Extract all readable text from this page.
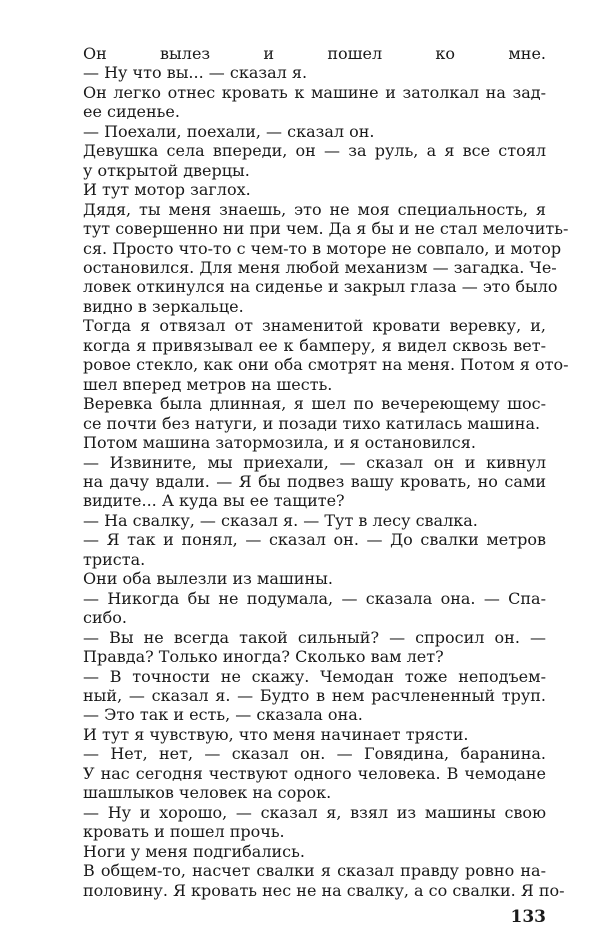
Он вылез и пошел ко мне.
— Ну что вы... — сказал я.
Он легко отнес кровать к машине и затолкал на зад-
ее сиденье.
— Поехали, поехали, — сказал он.
Девушка села впереди, он — за руль, а я все стоял
у открытой дверцы.
И тут мотор заглох.
Дядя, ты меня знаешь, это не моя специальность, я
тут совершенно ни при чем. Да я бы и не стал мелочить-
ся. Просто что-то с чем-то в моторе не совпало, и мотор
остановился. Для меня любой механизм — загадка. Че-
ловек откинулся на сиденье и закрыл глаза — это было
видно в зеркальце.
Тогда я отвязал от знаменитой кровати веревку, и,
когда я привязывал ее к бамперу, я видел сквозь вет-
ровое стекло, как они оба смотрят на меня. Потом я ото-
шел вперед метров на шесть.
Веревка была длинная, я шел по вечереющему шос-
се почти без натуги, и позади тихо катилась машина.
Потом машина затормозила, и я остановился.
— Извините, мы приехали, — сказал он и кивнул
на дачу вдали. — Я бы подвез вашу кровать, но сами
видите... А куда вы ее тащите?
— На свалку, — сказал я. — Тут в лесу свалка.
— Я так и понял, — сказал он. — До свалки метров
триста.
Они оба вылезли из машины.
— Никогда бы не подумала, — сказала она. — Спа-
сибо.
— Вы не всегда такой сильный? — спросил он. —
Правда? Только иногда? Сколько вам лет?
— В точности не скажу. Чемодан тоже неподъем-
ный, — сказал я. — Будто в нем расчлененный труп.
— Это так и есть, — сказала она.
И тут я чувствую, что меня начинает трясти.
— Нет, нет, — сказал он. — Говядина, баранина.
У нас сегодня чествуют одного человека. В чемодане
шашлыков человек на сорок.
— Ну и хорошо, — сказал я, взял из машины свою
кровать и пошел прочь.
Ноги у меня подгибались.
В общем-то, насчет свалки я сказал правду ровно на-
половину. Я кровать нес не на свалку, а со свалки. Я по-
133
